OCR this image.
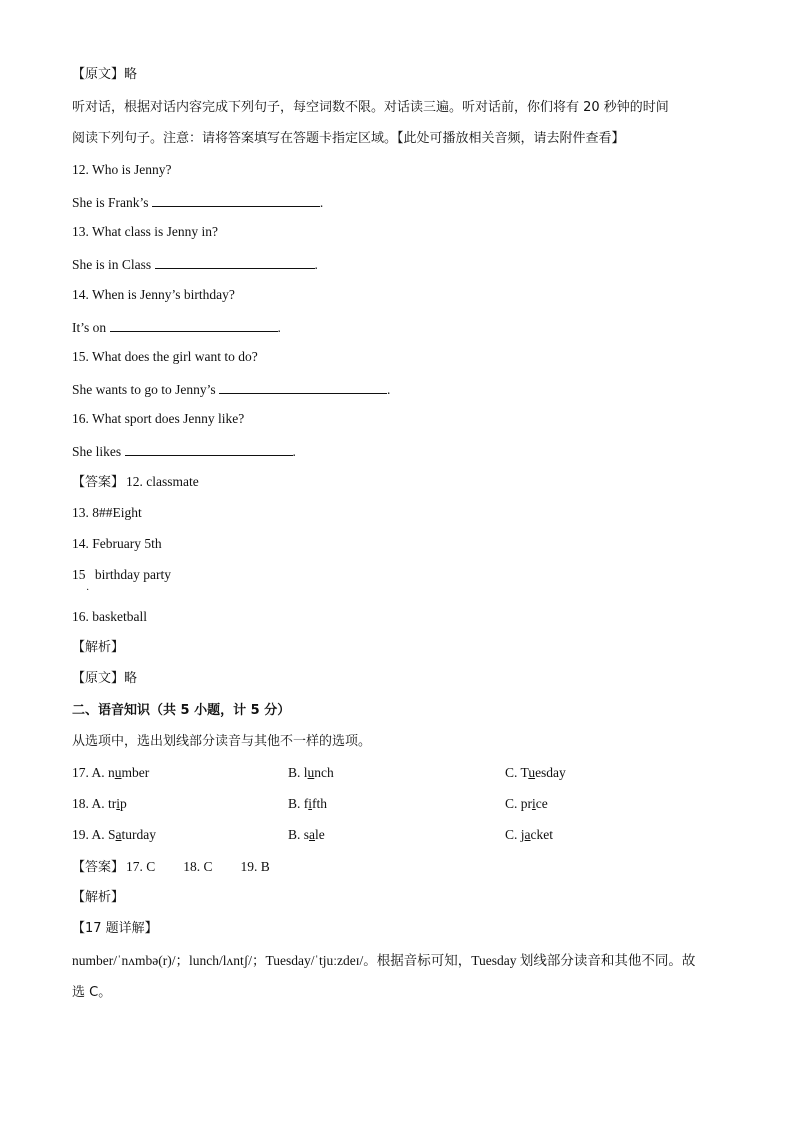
【原文】略
听对话，根据对话内容完成下列句子，每空词数不限。对话读三遍。听对话前，你们将有 20 秒钟的时间
阅读下列句子。注意：请将答案填写在答题卡指定区域。【此处可播放相关音频，请去附件查看】
12. Who is Jenny?
She is Frank’s	.
13. What class is Jenny in?
She is in Class	.
14. When is Jenny’s birthday?
It’s on	.
15. What does the girl want to do?
She wants to go to Jenny’s	.
16. What sport does Jenny like?
She likes	.
【答案】 12. classmate
13. 8##Eight
14. February 5th
15 birthday party
·
16. basketball
【解析】
【原文】略
二、语音知识（共 5 小题，计 5 分）
从选项中，选出划线部分读音与其他不一样的选项。
17. A. number	B. lunch	C. Tuesday
18. A. trip	B. fifth	C. price
19. A. Saturday	B. sale	C. jacket
【答案】 17. C 18. C 19. B
【解析】
【17 题详解】
number/ˈnʌmbə(r)/；lunch/lʌntʃ/；Tuesday/ˈtjuːzdeɪ/。根据音标可知，Tuesday 划线部分读音和其他不同。故
选 C。
